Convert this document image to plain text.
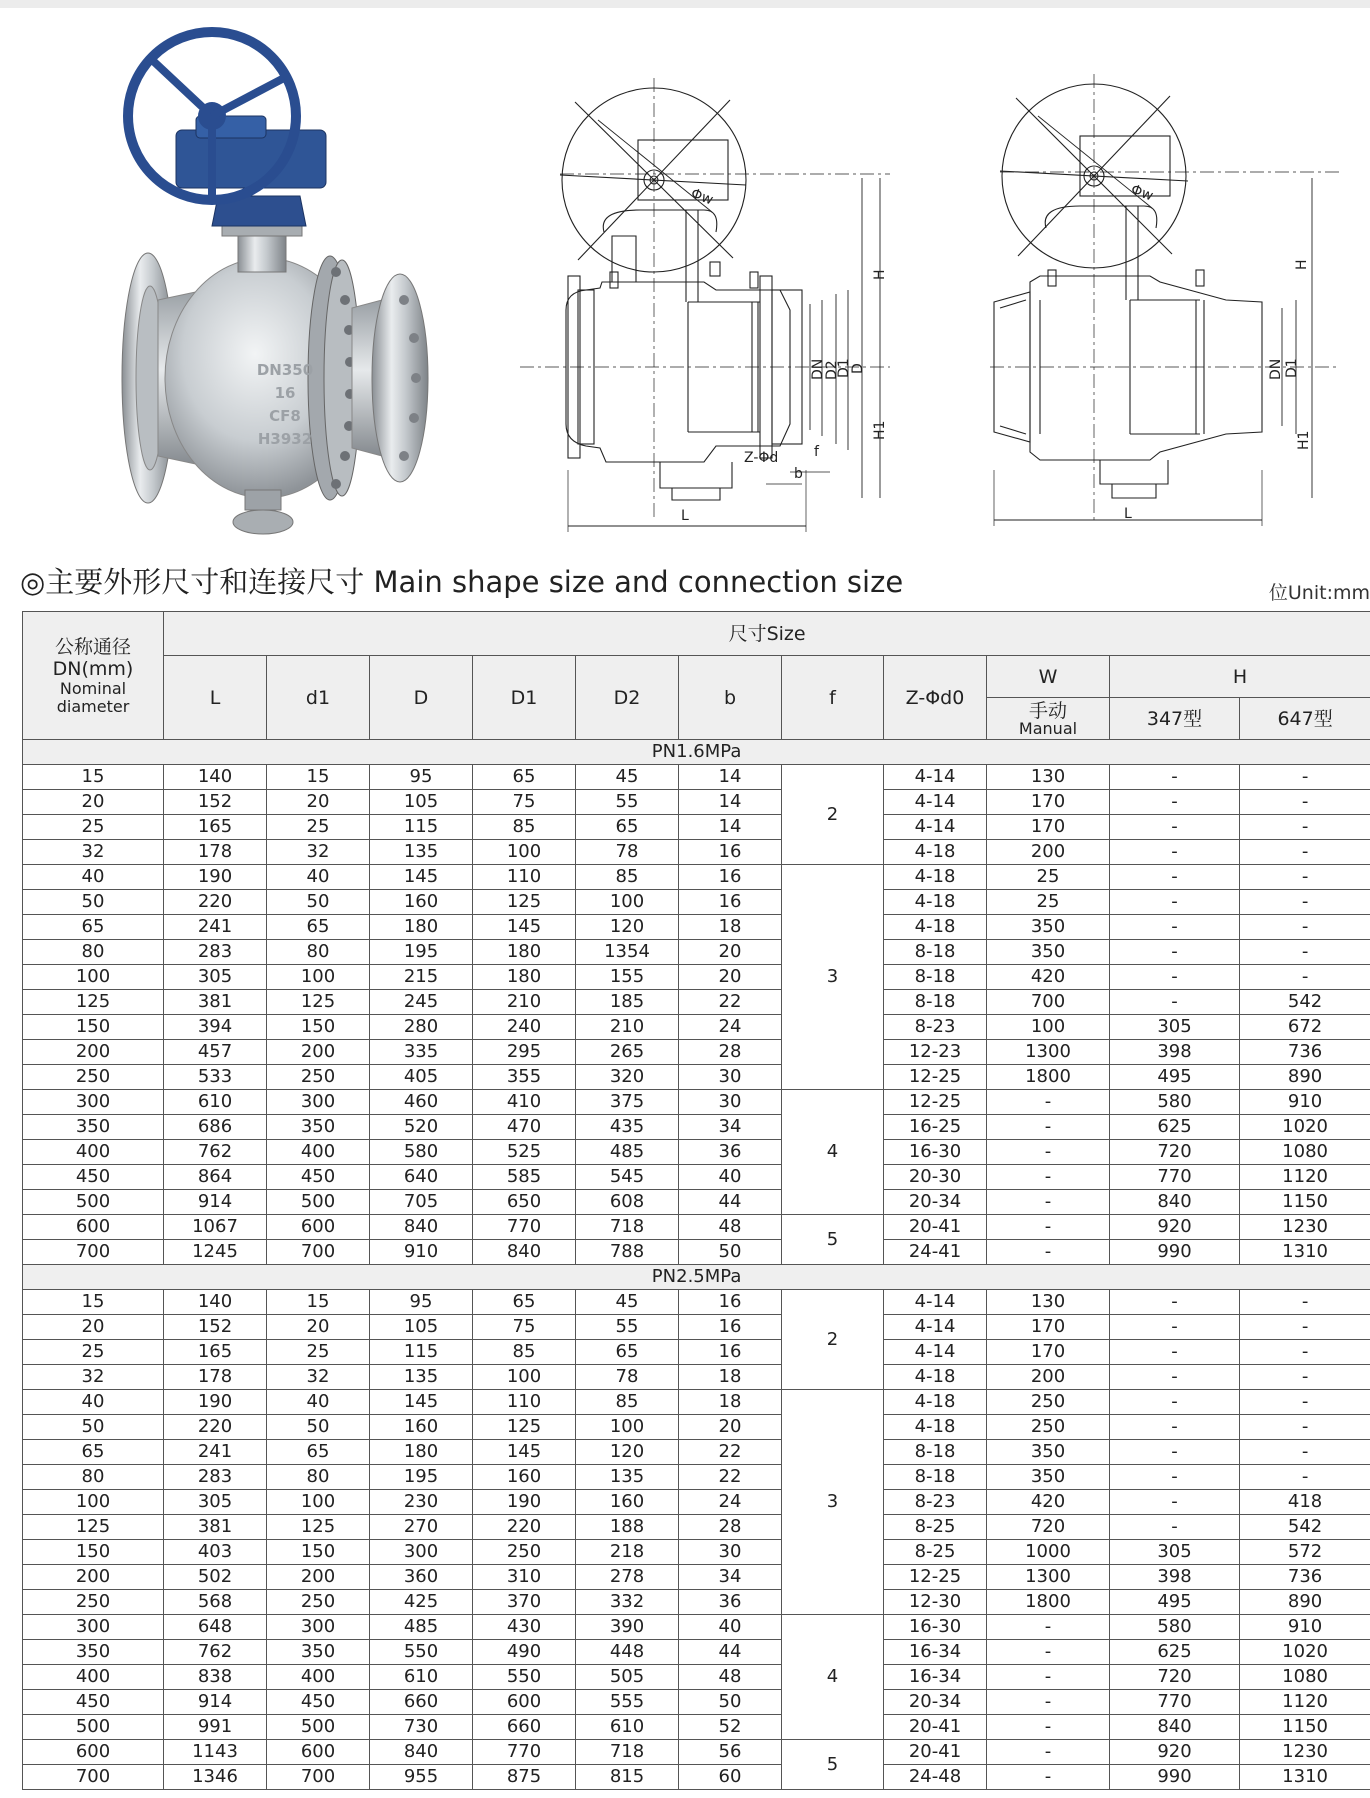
DN350
16
CF8
H3932
Φw
H
H1
DN
D2
D1
D
Z-Φd	f
b
L
Φw
H
H1
DN D1
L
◎主要外形尺寸和连接尺寸 Main shape size and connection size	位Unit:mm
公称通径
DN(mm)
Nominal
diameter	尺寸Size										
	L	d1	D	D1	D2	b	f	Z-Φd0	W	H	

									手动
Manual	347型	647型
PN1.6MPa											
15	140	15	95	65	45	14	2	4-14	130	-	-
20	152	20	105	75	55	14		4-14	170	-	-
25	165	25	115	85	65	14		4-14	170	-	-
32	178	32	135	100	78	16		4-18	200	-	-
40	190	40	145	110	85	16	3	4-18	25	-	-
50	220	50	160	125	100	16		4-18	25	-	-
65	241	65	180	145	120	18		4-18	350	-	-
80	283	80	195	180	1354	20		8-18	350	-	-
100	305	100	215	180	155	20		8-18	420	-	-
125	381	125	245	210	185	22		8-18	700	-	542
150	394	150	280	240	210	24		8-23	100	305	672
200	457	200	335	295	265	28		12-23	1300	398	736
250	533	250	405	355	320	30		12-25	1800	495	890
300	610	300	460	410	375	30	4	12-25	-	580	910
350	686	350	520	470	435	34		16-25	-	625	1020
400	762	400	580	525	485	36		16-30	-	720	1080
450	864	450	640	585	545	40		20-30	-	770	1120
500	914	500	705	650	608	44		20-34	-	840	1150
600	1067	600	840	770	718	48	5	20-41	-	920	1230
700	1245	700	910	840	788	50		24-41	-	990	1310
PN2.5MPa											
15	140	15	95	65	45	16	2	4-14	130	-	-
20	152	20	105	75	55	16		4-14	170	-	-
25	165	25	115	85	65	16		4-14	170	-	-
32	178	32	135	100	78	18		4-18	200	-	-
40	190	40	145	110	85	18	3	4-18	250	-	-
50	220	50	160	125	100	20		4-18	250	-	-
65	241	65	180	145	120	22		8-18	350	-	-
80	283	80	195	160	135	22		8-18	350	-	-
100	305	100	230	190	160	24		8-23	420	-	418
125	381	125	270	220	188	28		8-25	720	-	542
150	403	150	300	250	218	30		8-25	1000	305	572
200	502	200	360	310	278	34		12-25	1300	398	736
250	568	250	425	370	332	36		12-30	1800	495	890
300	648	300	485	430	390	40	4	16-30	-	580	910
350	762	350	550	490	448	44		16-34	-	625	1020
400	838	400	610	550	505	48		16-34	-	720	1080
450	914	450	660	600	555	50		20-34	-	770	1120
500	991	500	730	660	610	52		20-41	-	840	1150
600	1143	600	840	770	718	56	5	20-41	-	920	1230
700	1346	700	955	875	815	60		24-48	-	990	1310
